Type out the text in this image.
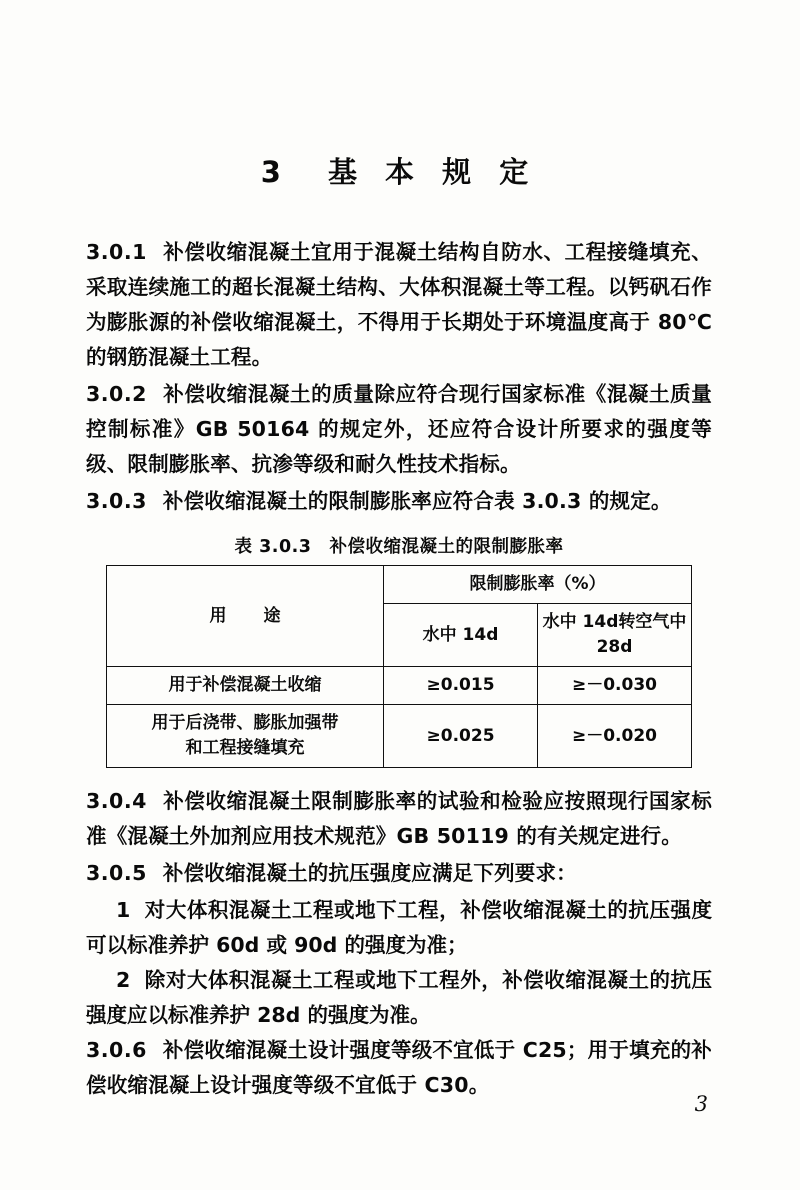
3　基 本 规 定

3.0.1 补偿收缩混凝土宜用于混凝土结构自防水、工程接缝填充、采取连续施工的超长混凝土结构、大体积混凝土等工程。以钙矾石作为膨胀源的补偿收缩混凝土，不得用于长期处于环境温度高于 80℃的钢筋混凝土工程。

3.0.2 补偿收缩混凝土的质量除应符合现行国家标准《混凝土质量控制标准》GB 50164 的规定外，还应符合设计所要求的强度等级、限制膨胀率、抗渗等级和耐久性技术指标。

3.0.3 补偿收缩混凝土的限制膨胀率应符合表 3.0.3 的规定。

表 3.0.3　补偿收缩混凝土的限制膨胀率
用　途	限制膨胀率（%）	
	水中 14d	水中 14d转空气中 28d
用于补偿混凝土收缩	≥0.015	≥－0.030

用于后浇带、膨胀加强带
和工程接缝填充	≥0.025	≥－0.020

3.0.4 补偿收缩混凝土限制膨胀率的试验和检验应按照现行国家标准《混凝土外加剂应用技术规范》GB 50119 的有关规定进行。

3.0.5 补偿收缩混凝土的抗压强度应满足下列要求：

1 对大体积混凝土工程或地下工程，补偿收缩混凝土的抗压强度可以标准养护 60d 或 90d 的强度为准；

2 除对大体积混凝土工程或地下工程外，补偿收缩混凝土的抗压强度应以标准养护 28d 的强度为准。

3.0.6 补偿收缩混凝土设计强度等级不宜低于 C25；用于填充的补偿收缩混凝上设计强度等级不宜低于 C30。

3
